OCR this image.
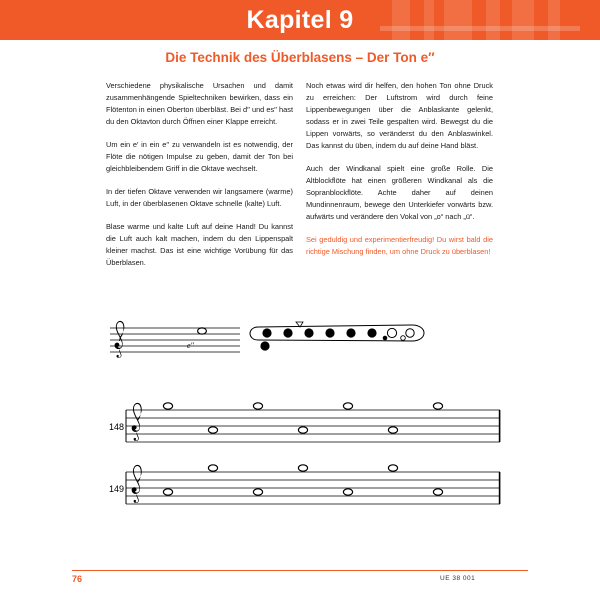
Kapitel 9
Die Technik des Überblasens – Der Ton e′′

Verschiedene physikalische Ursachen und damit zusammenhängende Spieltechniken bewirken, dass ein Flötenton in einen Oberton überbläst. Bei d′′ und es′′ hast du den Oktavton durch Öffnen einer Klappe erreicht.

Um ein e′ in ein e′′ zu verwandeln ist es notwendig, der Flöte die nötigen Impulse zu geben, damit der Ton bei gleichbleibendem Griff in die Oktave wechselt.

In der tiefen Oktave verwenden wir langsamere (warme) Luft, in der überblasenen Oktave schnelle (kalte) Luft.

Blase warme und kalte Luft auf deine Hand! Du kannst die Luft auch kalt machen, indem du den Lippenspalt kleiner machst. Das ist eine wichtige Vorübung für das Überblasen.

Noch etwas wird dir helfen, den hohen Ton ohne Druck zu erreichen: Der Luftstrom wird durch feine Lippenbewegungen über die Anblaskante gelenkt, sodass er in zwei Teile gespalten wird. Bewegst du die Lippen vorwärts, so veränderst du den Anblaswinkel. Das kannst du üben, indem du auf deine Hand bläst.

Auch der Windkanal spielt eine große Rolle. Die Altblockflöte hat einen größeren Windkanal als die Sopranblockflöte. Achte daher auf deinen Mundinnenraum, bewege den Unterkiefer vorwärts bzw. aufwärts und verändere den Vokal von „o“ nach „ü“.

Sei geduldig und experimentierfreudig! Du wirst bald die richtige Mischung finden, um ohne Druck zu überblasen!

e′′
148
149
76	UE 38 001
